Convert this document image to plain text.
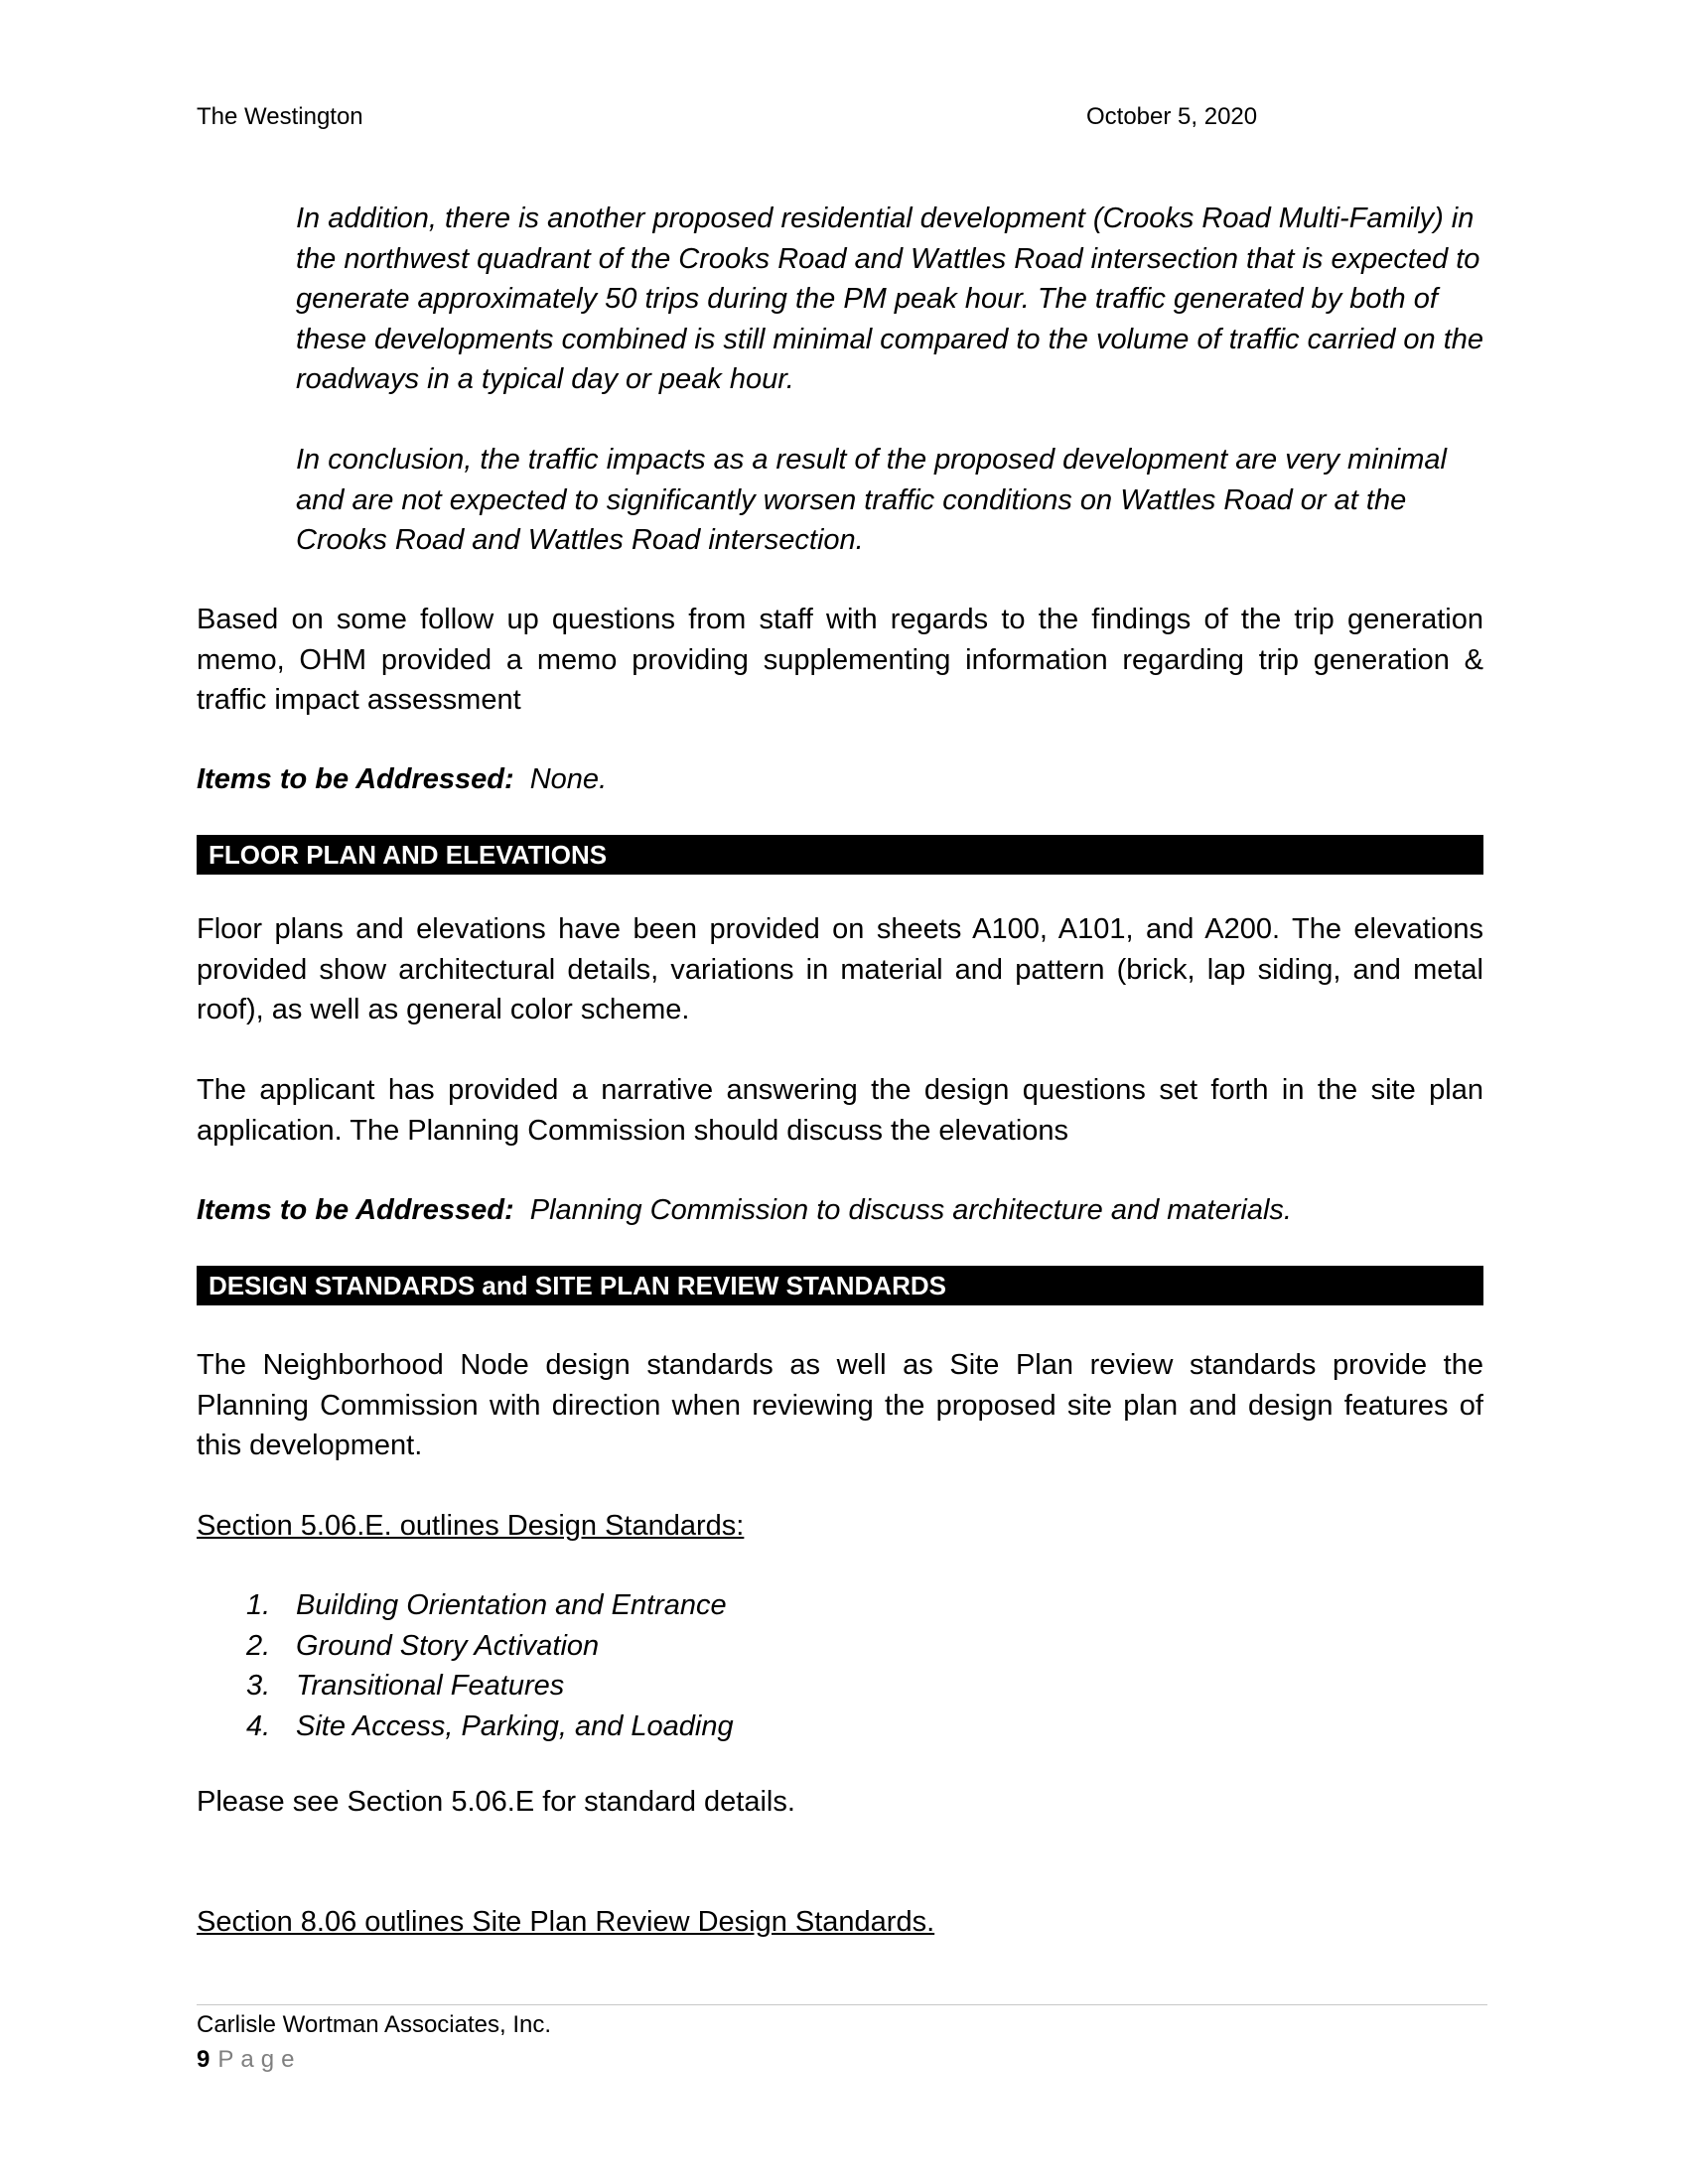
The Westington	October 5, 2020

In addition, there is another proposed residential development (Crooks Road Multi-Family) in the northwest quadrant of the Crooks Road and Wattles Road intersection that is expected to generate approximately 50 trips during the PM peak hour. The traffic generated by both of these developments combined is still minimal compared to the volume of traffic carried on the roadways in a typical day or peak hour.

In conclusion, the traffic impacts as a result of the proposed development are very minimal and are not expected to significantly worsen traffic conditions on Wattles Road or at the Crooks Road and Wattles Road intersection.

Based on some follow up questions from staff with regards to the findings of the trip generation memo, OHM provided a memo providing supplementing information regarding trip generation & traffic impact assessment

Items to be Addressed: None.

FLOOR PLAN AND ELEVATIONS

Floor plans and elevations have been provided on sheets A100, A101, and A200. The elevations provided show architectural details, variations in material and pattern (brick, lap siding, and metal roof), as well as general color scheme.

The applicant has provided a narrative answering the design questions set forth in the site plan application. The Planning Commission should discuss the elevations

Items to be Addressed: Planning Commission to discuss architecture and materials.

DESIGN STANDARDS and SITE PLAN REVIEW STANDARDS

The Neighborhood Node design standards as well as Site Plan review standards provide the Planning Commission with direction when reviewing the proposed site plan and design features of this development.

Section 5.06.E. outlines Design Standards:
1. Building Orientation and Entrance
2. Ground Story Activation
3. Transitional Features
4. Site Access, Parking, and Loading

Please see Section 5.06.E for standard details.

Section 8.06 outlines Site Plan Review Design Standards.
Carlisle Wortman Associates, Inc.
9 Page
